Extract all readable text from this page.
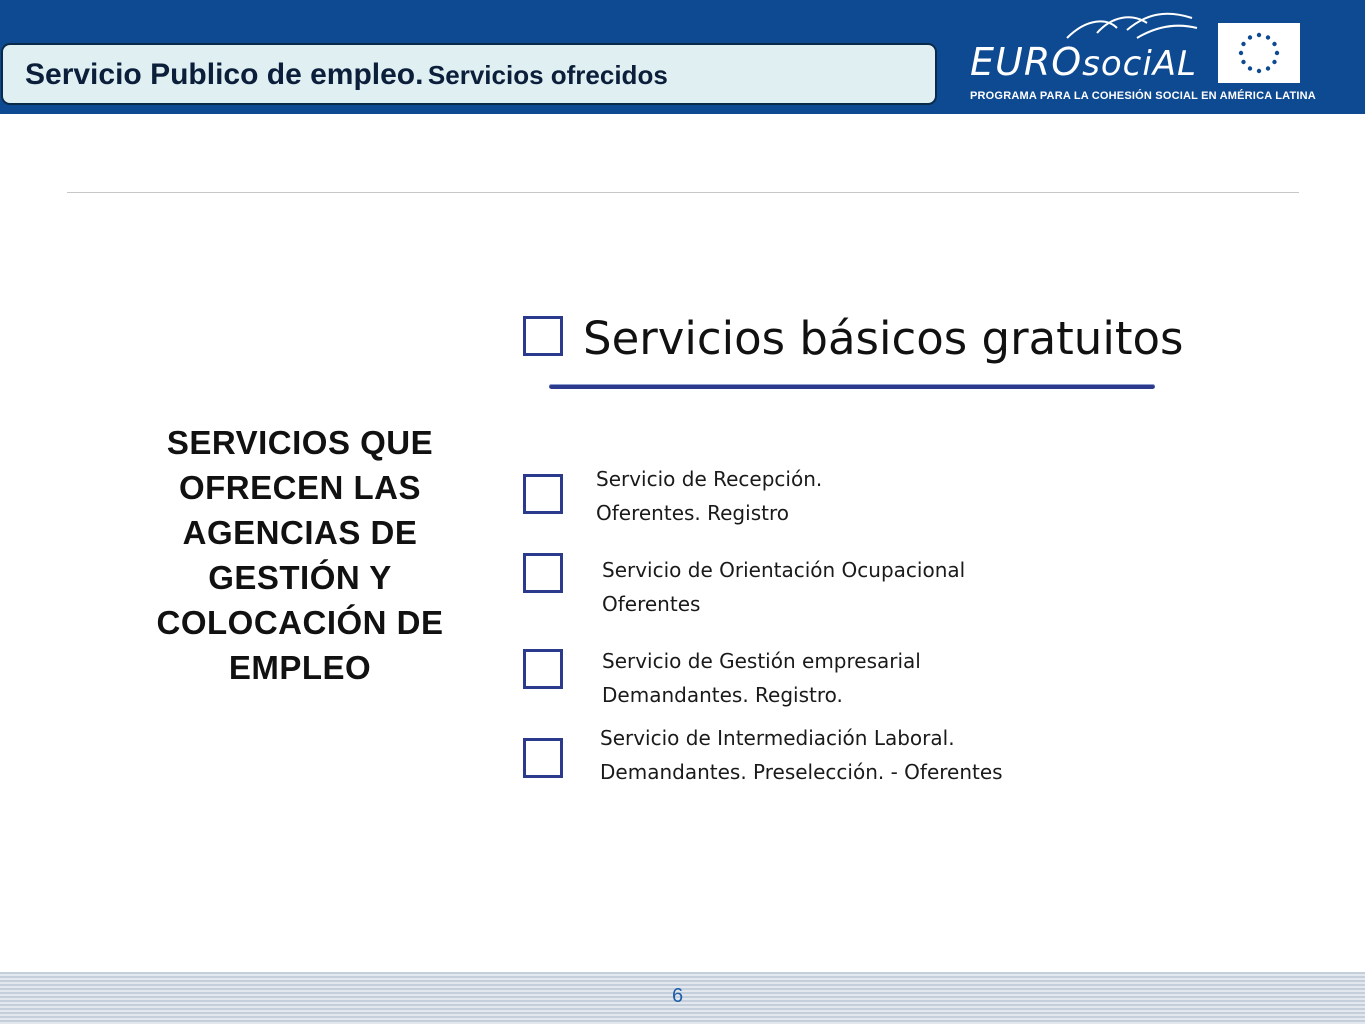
Servicio Publico de empleo. Servicios ofrecidos	EUROsociAL
PROGRAMA PARA LA COHESIÓN SOCIAL EN AMÉRICA LATINA
SERVICIOS QUE OFRECEN LAS AGENCIAS DE GESTIÓN Y COLOCACIÓN DE EMPLEO
Servicios básicos gratuitos
Servicio de Recepción.
Oferentes. Registro
Servicio de Orientación Ocupacional
Oferentes
Servicio de Gestión empresarial
Demandantes. Registro.
Servicio de Intermediación Laboral.
Demandantes. Preselección. - Oferentes
6
